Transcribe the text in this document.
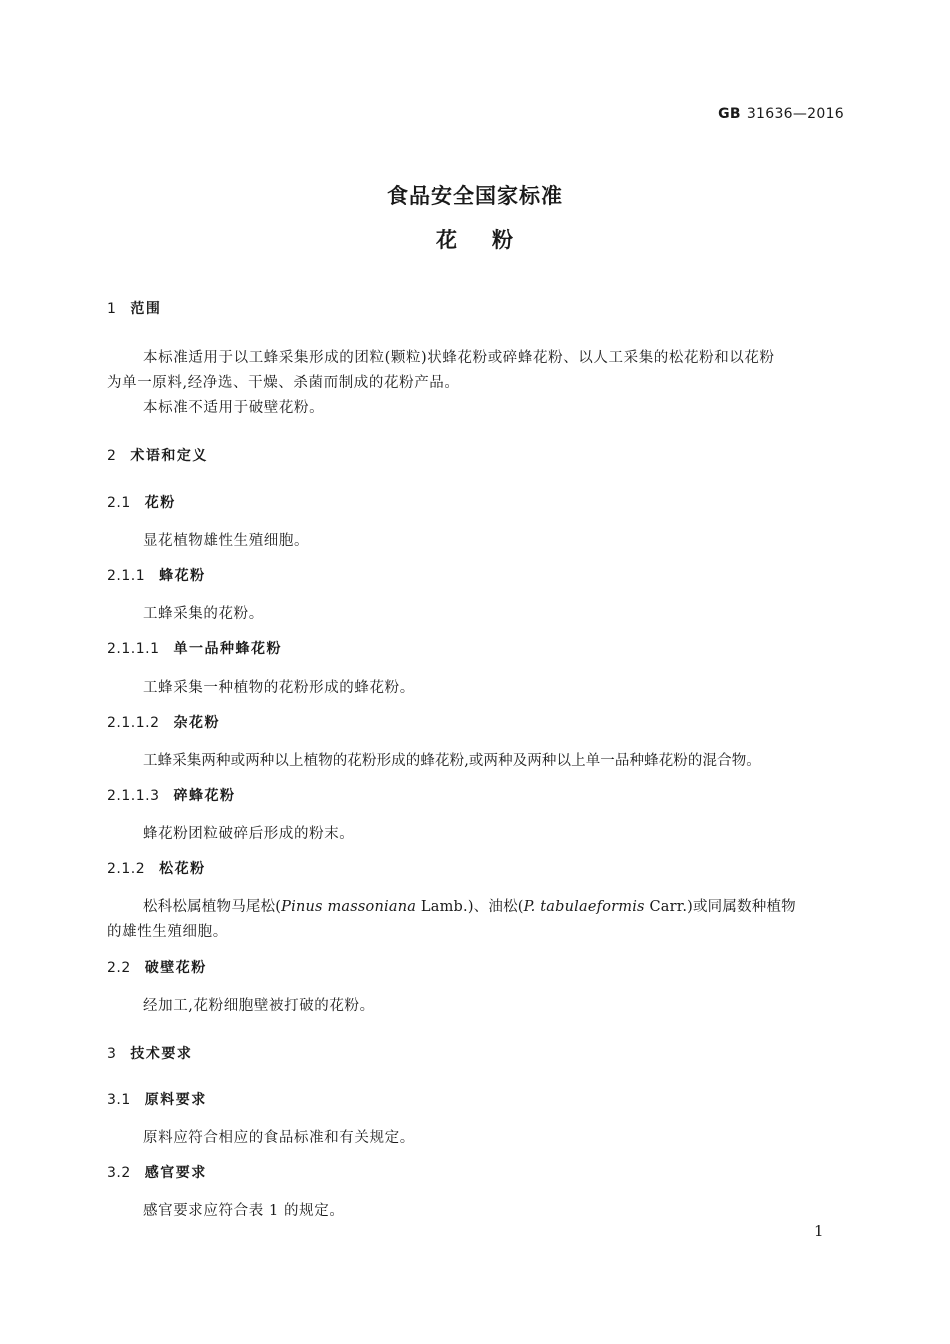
GB 31636—2016
食品安全国家标准
花 粉
1 范围
本标准适用于以工蜂采集形成的团粒(颗粒)状蜂花粉或碎蜂花粉、以人工采集的松花粉和以花粉
为单一原料,经净选、干燥、杀菌而制成的花粉产品。
本标准不适用于破壁花粉。
2 术语和定义
2.1 花粉
显花植物雄性生殖细胞。
2.1.1 蜂花粉
工蜂采集的花粉。
2.1.1.1 单一品种蜂花粉
工蜂采集一种植物的花粉形成的蜂花粉。
2.1.1.2 杂花粉
工蜂采集两种或两种以上植物的花粉形成的蜂花粉,或两种及两种以上单一品种蜂花粉的混合物。
2.1.1.3 碎蜂花粉
蜂花粉团粒破碎后形成的粉末。
2.1.2 松花粉
松科松属植物马尾松(Pinus massoniana Lamb.)、油松(P. tabulaeformis Carr.)或同属数种植物
的雄性生殖细胞。
2.2 破壁花粉
经加工,花粉细胞壁被打破的花粉。
3 技术要求
3.1 原料要求
原料应符合相应的食品标准和有关规定。
3.2 感官要求
感官要求应符合表 1 的规定。
1
